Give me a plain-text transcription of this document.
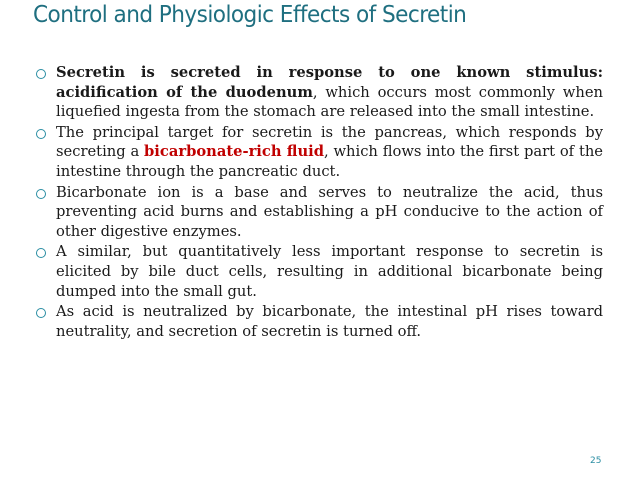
Control and Physiologic Effects of Secretin

Secretin is secreted in response to one known stimulus: acidification of the duodenum, which occurs most commonly when liquefied ingesta from the stomach are released into the small intestine.

The principal target for secretin is the pancreas, which responds by secreting a bicarbonate-rich fluid, which flows into the first part of the intestine through the pancreatic duct.

Bicarbonate ion is a base and serves to neutralize the acid, thus preventing acid burns and establishing a pH conducive to the action of other digestive enzymes.

A similar, but quantitatively less important response to secretin is elicited by bile duct cells, resulting in additional bicarbonate being dumped into the small gut.

As acid is neutralized by bicarbonate, the intestinal pH rises toward neutrality, and secretion of secretin is turned off.

25
